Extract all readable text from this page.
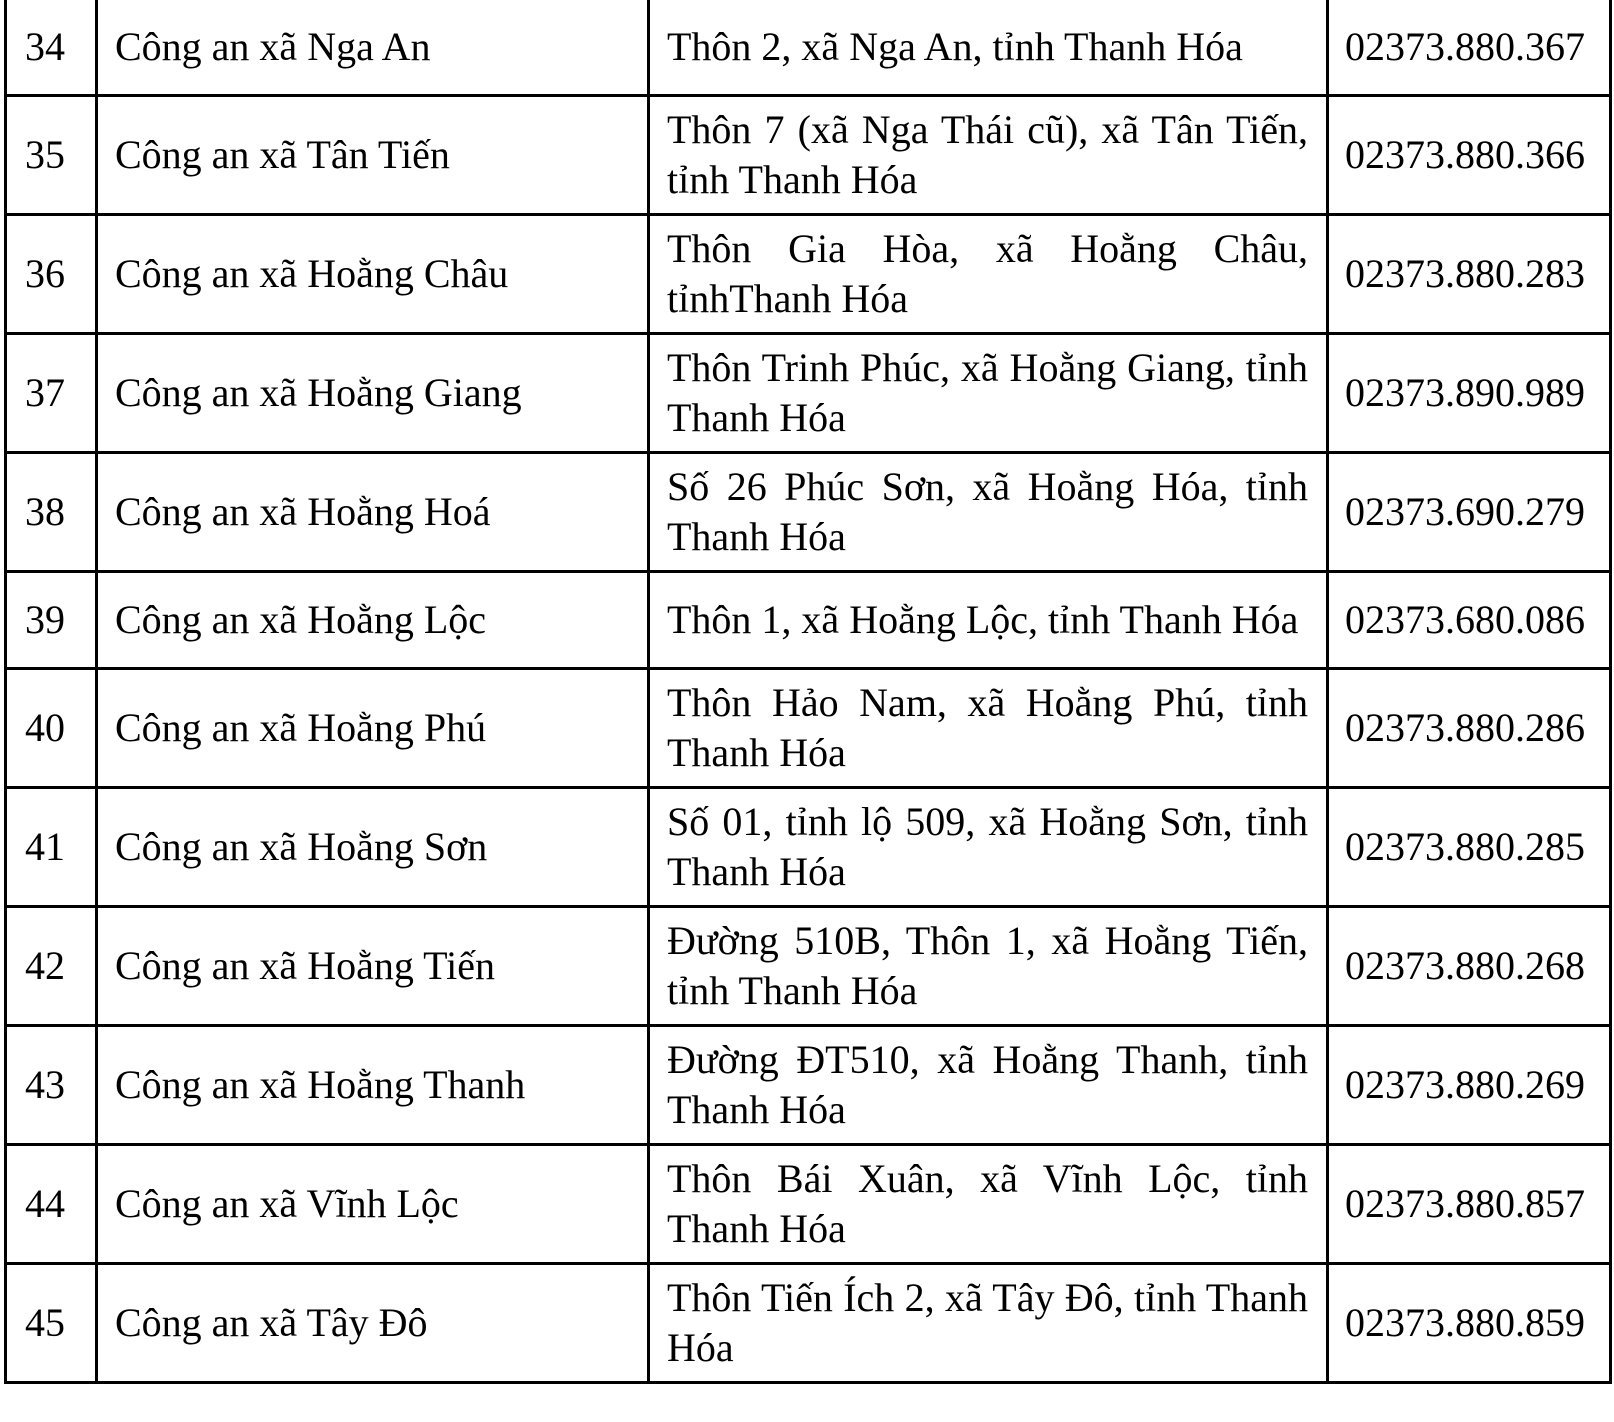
34	Công an xã Nga An	Thôn 2, xã Nga An, tỉnh Thanh Hóa	02373.880.367
35	Công an xã Tân Tiến	Thôn 7 (xã Nga Thái cũ), xã Tân Tiến, tỉnh Thanh Hóa	02373.880.366
36	Công an xã Hoằng Châu	Thôn Gia Hòa, xã Hoằng Châu, tỉnhThanh Hóa	02373.880.283
37	Công an xã Hoằng Giang	Thôn Trinh Phúc, xã Hoằng Giang, tỉnh Thanh Hóa	02373.890.989
38	Công an xã Hoằng Hoá	Số 26 Phúc Sơn, xã Hoằng Hóa, tỉnh Thanh Hóa	02373.690.279
39	Công an xã Hoằng Lộc	Thôn 1, xã Hoằng Lộc, tỉnh Thanh Hóa	02373.680.086
40	Công an xã Hoằng Phú	Thôn Hảo Nam, xã Hoằng Phú, tỉnh Thanh Hóa	02373.880.286
41	Công an xã Hoằng Sơn	Số 01, tỉnh lộ 509, xã Hoằng Sơn, tỉnh Thanh Hóa	02373.880.285
42	Công an xã Hoằng Tiến	Đường 510B, Thôn 1, xã Hoằng Tiến, tỉnh Thanh Hóa	02373.880.268
43	Công an xã Hoằng Thanh	Đường ĐT510, xã Hoằng Thanh, tỉnh Thanh Hóa	02373.880.269
44	Công an xã Vĩnh Lộc	Thôn Bái Xuân, xã Vĩnh Lộc, tỉnh Thanh Hóa	02373.880.857
45	Công an xã Tây Đô	Thôn Tiến Ích 2, xã Tây Đô, tỉnh Thanh Hóa	02373.880.859
